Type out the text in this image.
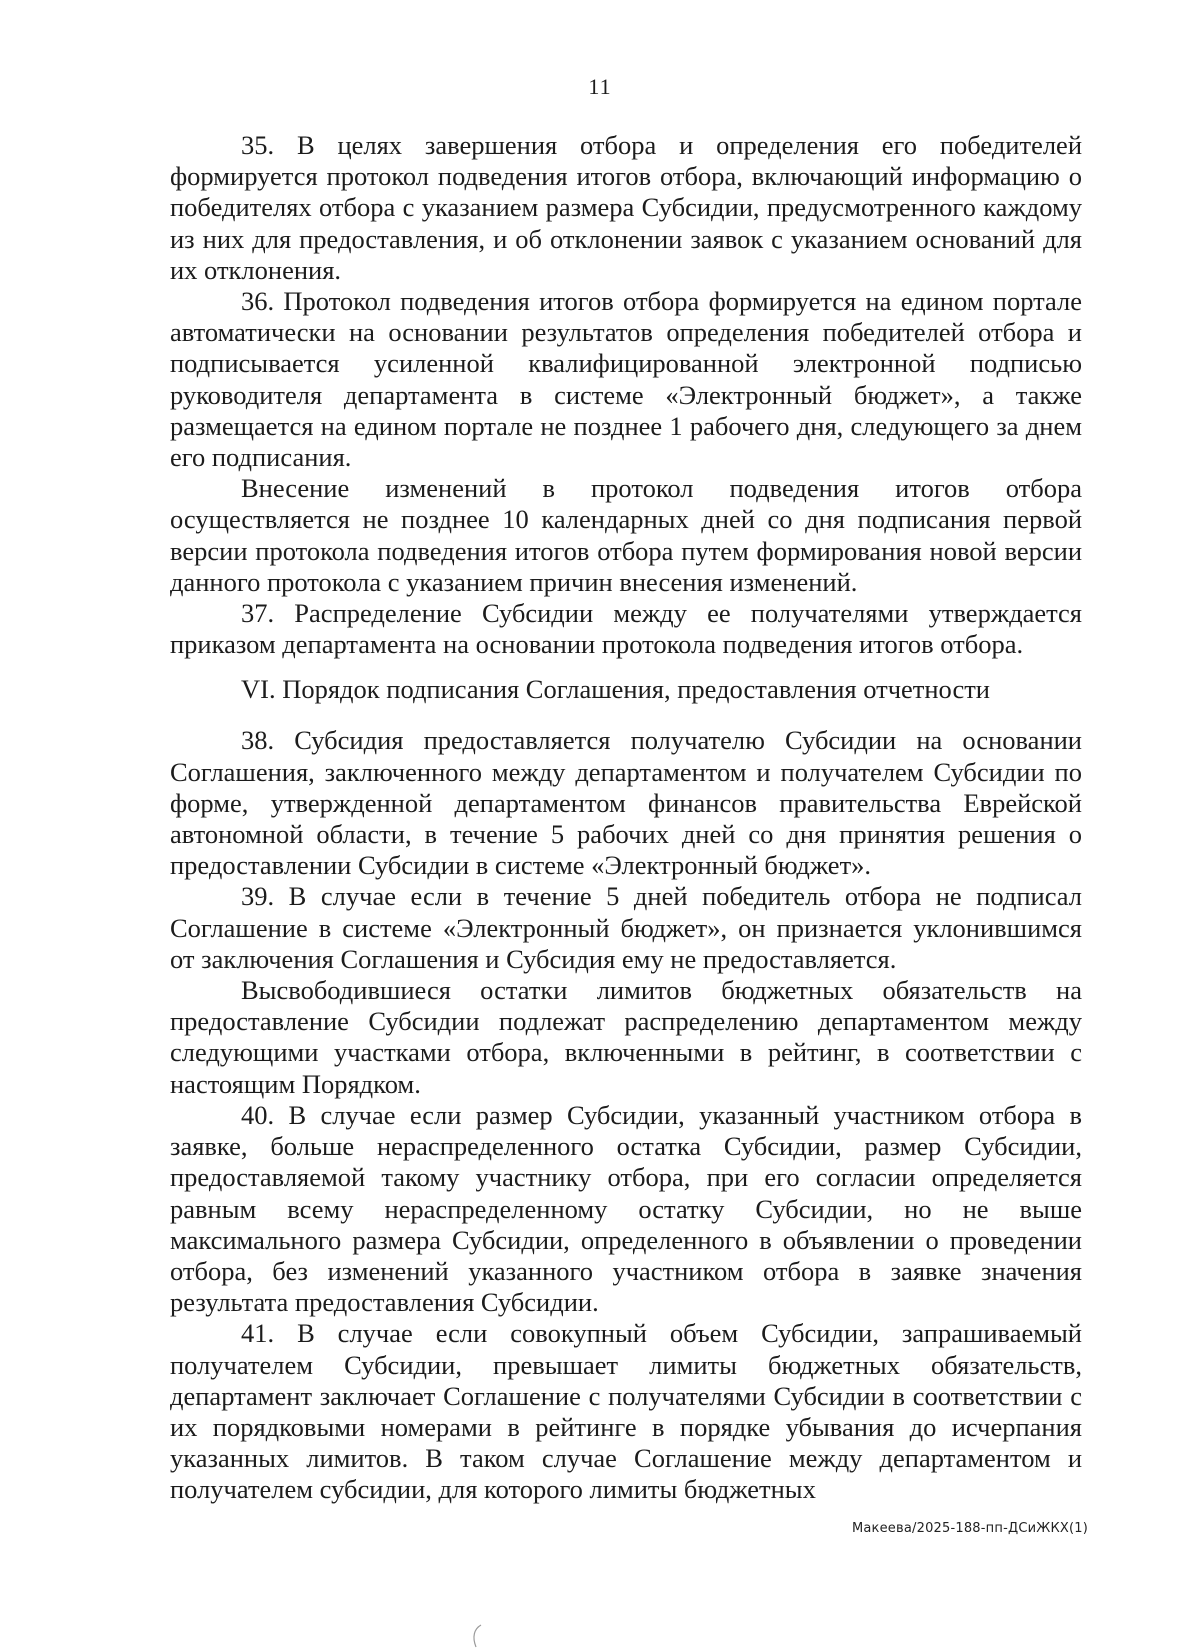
11

35. В целях завершения отбора и определения его победителей формируется протокол подведения итогов отбора, включающий информацию о победителях отбора с указанием размера Субсидии, предусмотренного каждому из них для предоставления, и об отклонении заявок с указанием оснований для их отклонения.

36. Протокол подведения итогов отбора формируется на едином портале автоматически на основании результатов определения победителей отбора и подписывается усиленной квалифицированной электронной подписью руководителя департамента в системе «Электронный бюджет», а также размещается на едином портале не позднее 1 рабочего дня, следующего за днем его подписания.

Внесение изменений в протокол подведения итогов отбора осуществляется не позднее 10 календарных дней со дня подписания первой версии протокола подведения итогов отбора путем формирования новой версии данного протокола с указанием причин внесения изменений.

37. Распределение Субсидии между ее получателями утверждается приказом департамента на основании протокола подведения итогов отбора.

VI. Порядок подписания Соглашения, предоставления отчетности

38. Субсидия предоставляется получателю Субсидии на основании Соглашения, заключенного между департаментом и получателем Субсидии по форме, утвержденной департаментом финансов правительства Еврейской автономной области, в течение 5 рабочих дней со дня принятия решения о предоставлении Субсидии в системе «Электронный бюджет».

39. В случае если в течение 5 дней победитель отбора не подписал Соглашение в системе «Электронный бюджет», он признается уклонившимся от заключения Соглашения и Субсидия ему не предоставляется.

Высвободившиеся остатки лимитов бюджетных обязательств на предоставление Субсидии подлежат распределению департаментом между следующими участками отбора, включенными в рейтинг, в соответствии с настоящим Порядком.

40. В случае если размер Субсидии, указанный участником отбора в заявке, больше нераспределенного остатка Субсидии, размер Субсидии, предоставляемой такому участнику отбора, при его согласии определяется равным всему нераспределенному остатку Субсидии, но не выше максимального размера Субсидии, определенного в объявлении о проведении отбора, без изменений указанного участником отбора в заявке значения результата предоставления Субсидии.

41. В случае если совокупный объем Субсидии, запрашиваемый получателем Субсидии, превышает лимиты бюджетных обязательств, департамент заключает Соглашение с получателями Субсидии в соответствии с их порядковыми номерами в рейтинге в порядке убывания до исчерпания указанных лимитов. В таком случае Соглашение между департаментом и получателем субсидии, для которого лимиты бюджетных

Макеева/2025-188-пп-ДСиЖКХ(1)
